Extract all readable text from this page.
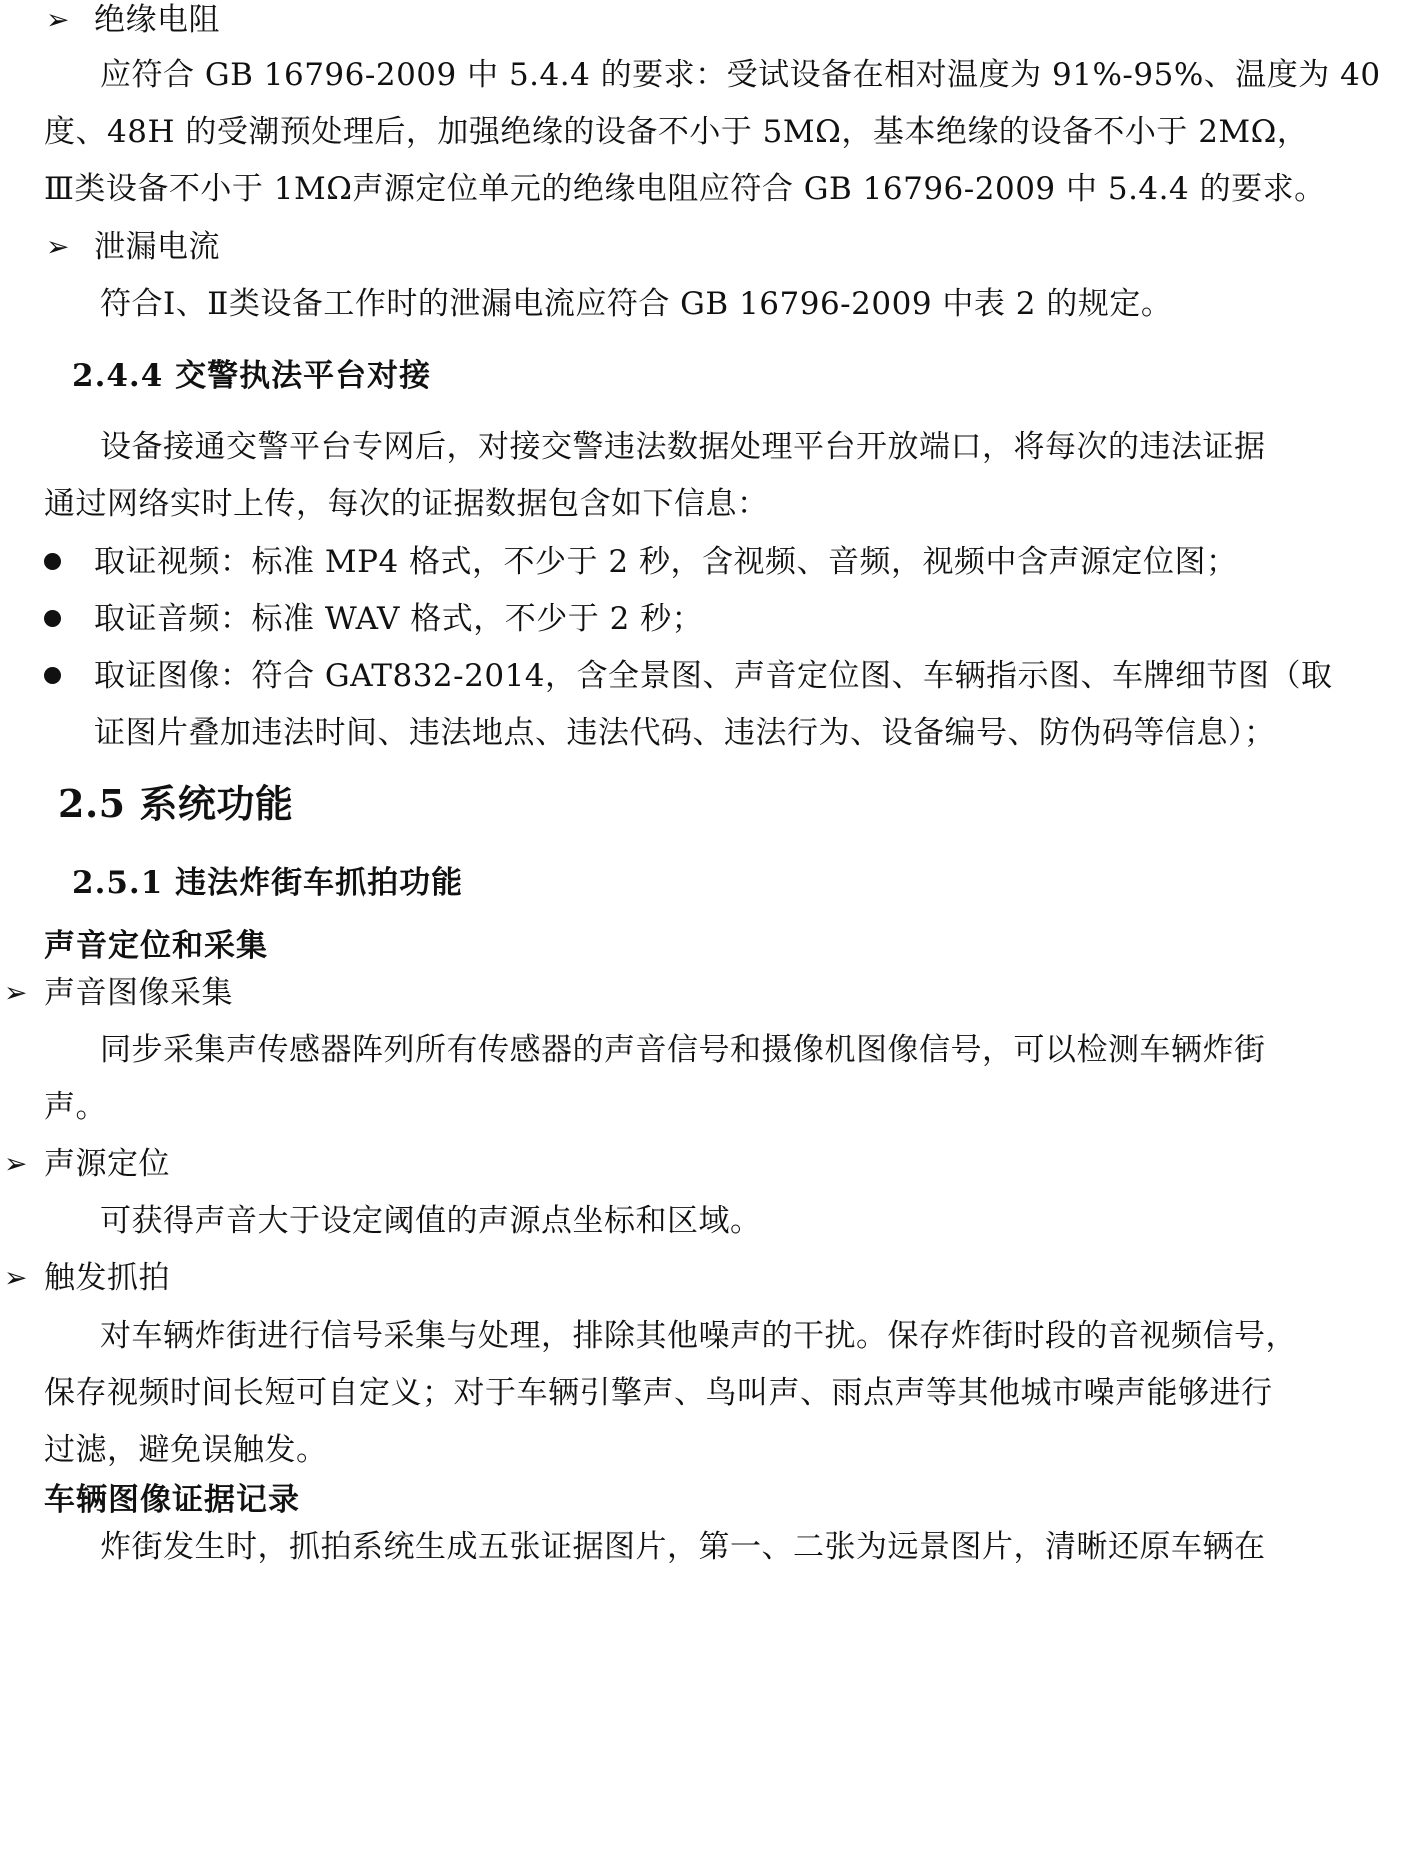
➢ 绝缘电阻
应符合 GB 16796-2009 中 5.4.4 的要求：受试设备在相对温度为 91%-95%、温度为 40
度、48H 的受潮预处理后，加强绝缘的设备不小于 5MΩ，基本绝缘的设备不小于 2MΩ，
Ⅲ类设备不小于 1MΩ声源定位单元的绝缘电阻应符合 GB 16796-2009 中 5.4.4 的要求。
➢ 泄漏电流
符合Ⅰ、Ⅱ类设备工作时的泄漏电流应符合 GB 16796-2009 中表 2 的规定。
2.4.4 交警执法平台对接
设备接通交警平台专网后，对接交警违法数据处理平台开放端口，将每次的违法证据
通过网络实时上传，每次的证据数据包含如下信息：
取证视频：标准 MP4 格式，不少于 2 秒，含视频、音频，视频中含声源定位图；
取证音频：标准 WAV 格式，不少于 2 秒；
取证图像：符合 GAT832-2014，含全景图、声音定位图、车辆指示图、车牌细节图（取
证图片叠加违法时间、违法地点、违法代码、违法行为、设备编号、防伪码等信息）；
2.5 系统功能
2.5.1 违法炸街车抓拍功能
声音定位和采集
➢ 声音图像采集
同步采集声传感器阵列所有传感器的声音信号和摄像机图像信号，可以检测车辆炸街
声。
➢ 声源定位
可获得声音大于设定阈值的声源点坐标和区域。
➢ 触发抓拍
对车辆炸街进行信号采集与处理，排除其他噪声的干扰。保存炸街时段的音视频信号，
保存视频时间长短可自定义；对于车辆引擎声、鸟叫声、雨点声等其他城市噪声能够进行
过滤，避免误触发。
车辆图像证据记录
炸街发生时，抓拍系统生成五张证据图片，第一、二张为远景图片，清晰还原车辆在
